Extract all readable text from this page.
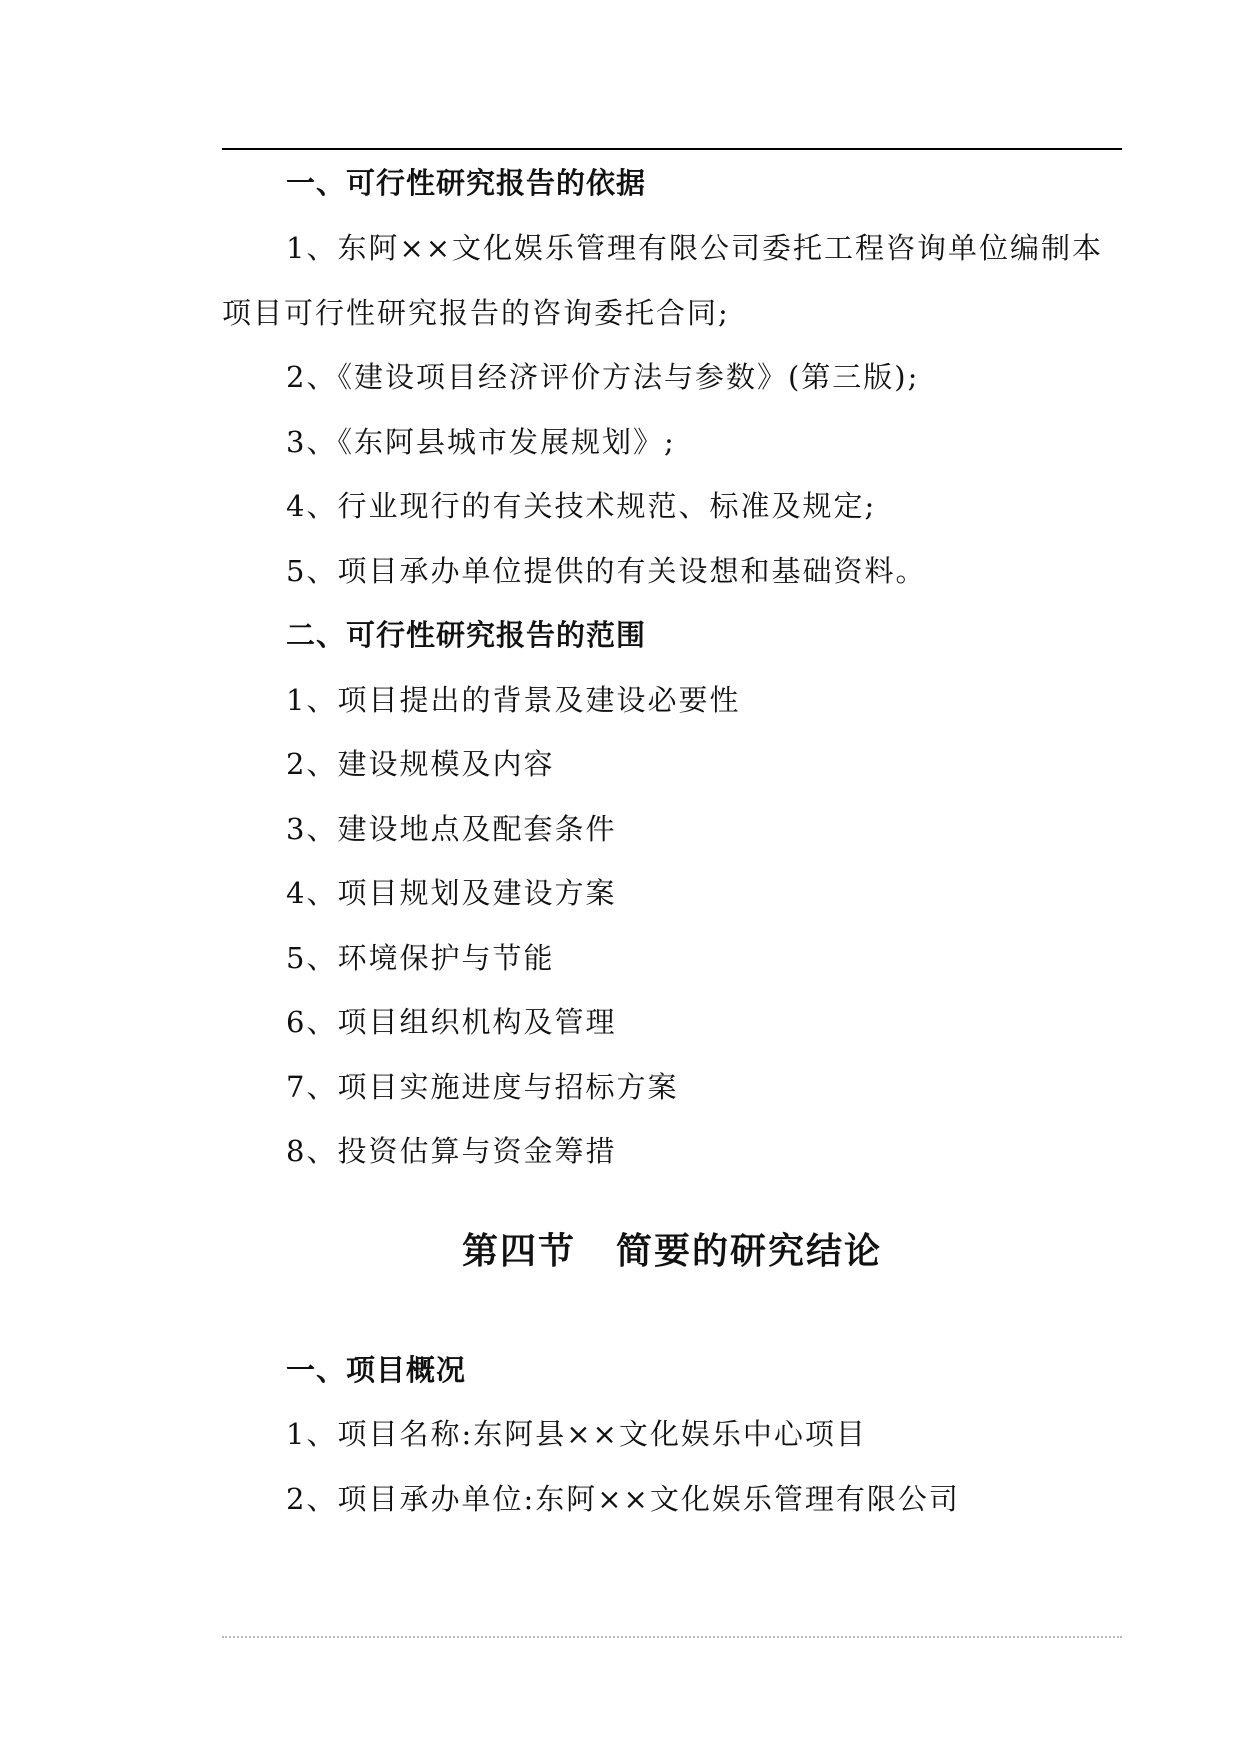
一、可行性研究报告的依据
1、东阿××文化娱乐管理有限公司委托工程咨询单位编制本
项目可行性研究报告的咨询委托合同;
2、《建设项目经济评价方法与参数》(第三版);
3、《东阿县城市发展规划》;
4、行业现行的有关技术规范、标准及规定;
5、项目承办单位提供的有关设想和基础资料。
二、可行性研究报告的范围
1、项目提出的背景及建设必要性
2、建设规模及内容
3、建设地点及配套条件
4、项目规划及建设方案
5、环境保护与节能
6、项目组织机构及管理
7、项目实施进度与招标方案
8、投资估算与资金筹措
第四节 简要的研究结论
一、项目概况
1、项目名称:东阿县××文化娱乐中心项目
2、项目承办单位:东阿××文化娱乐管理有限公司
